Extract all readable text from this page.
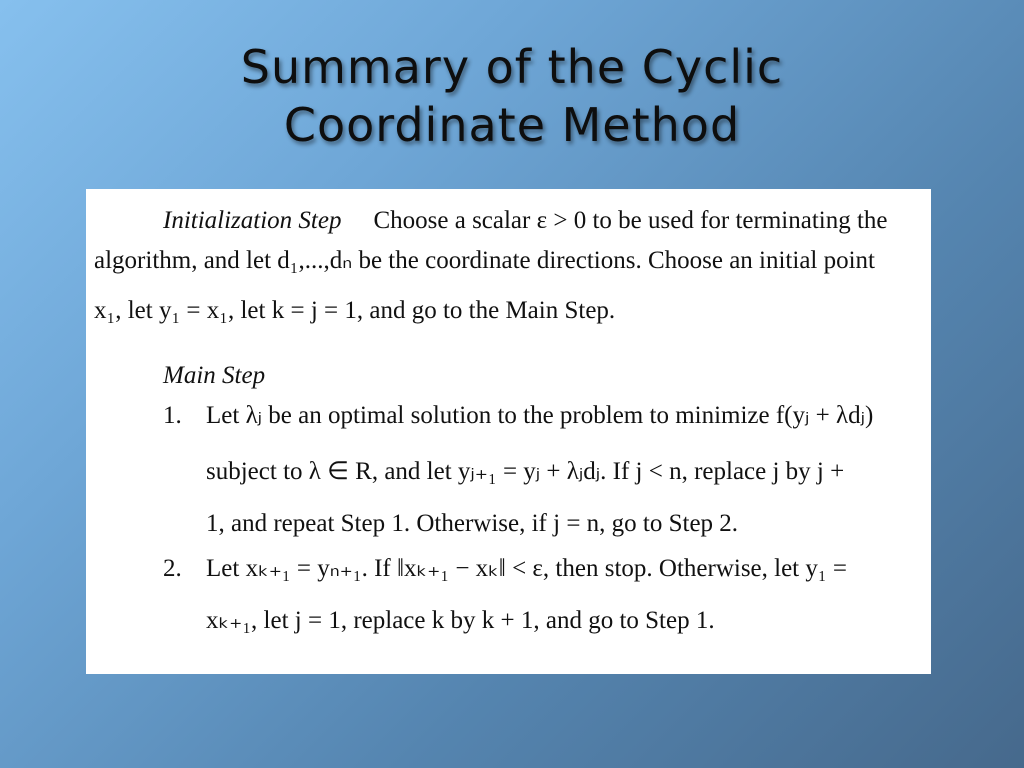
Summary of the Cyclic
Coordinate Method
Initialization Step Choose a scalar ε > 0 to be used for terminating the
algorithm, and let d₁,...,dₙ be the coordinate directions. Choose an initial point
x₁, let y₁ = x₁, let k = j = 1, and go to the Main Step.
Main Step
1. Let λⱼ be an optimal solution to the problem to minimize f(yⱼ + λdⱼ)
subject to λ ∈ R, and let yⱼ₊₁ = yⱼ + λⱼdⱼ. If j < n, replace j by j +
1, and repeat Step 1. Otherwise, if j = n, go to Step 2.
2. Let xₖ₊₁ = yₙ₊₁. If ‖xₖ₊₁ − xₖ‖ < ε, then stop. Otherwise, let y₁ =
xₖ₊₁, let j = 1, replace k by k + 1, and go to Step 1.
